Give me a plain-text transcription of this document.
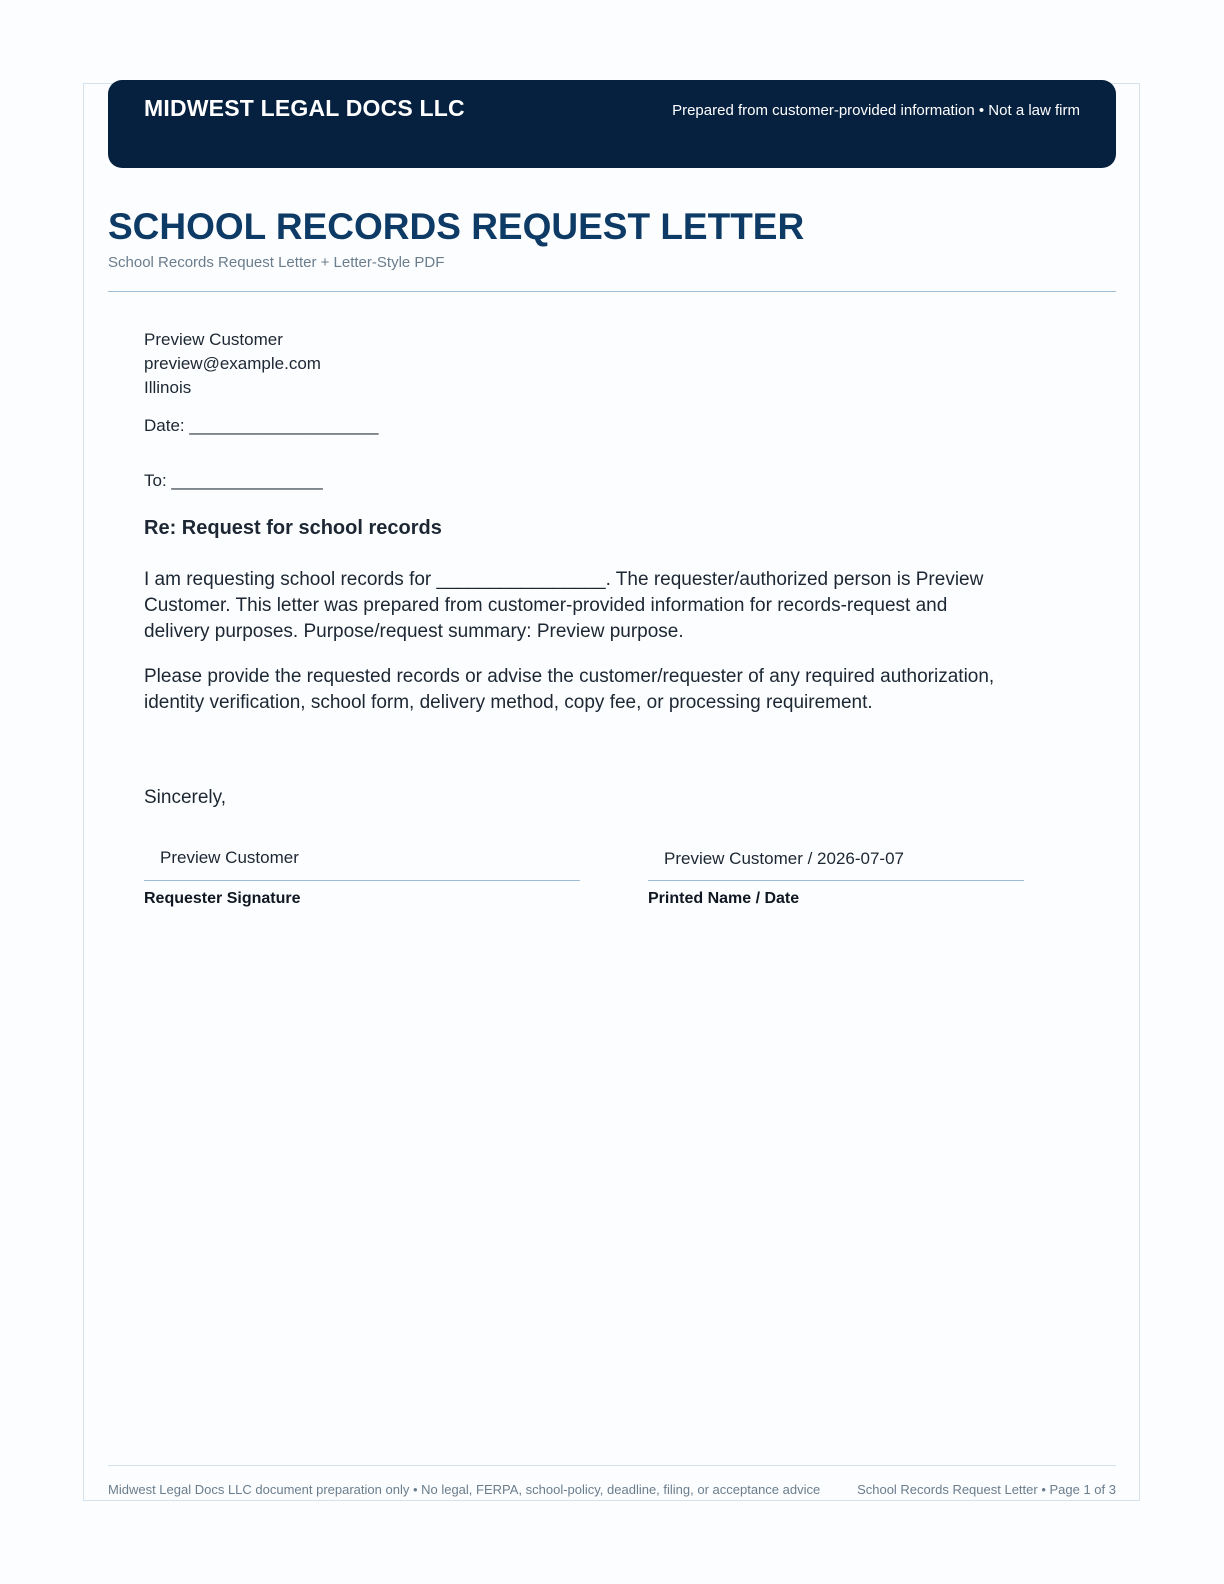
MIDWEST LEGAL DOCS LLC	Prepared from customer-provided information • Not a law firm
SCHOOL RECORDS REQUEST LETTER
School Records Request Letter + Letter-Style PDF
Preview Customer
preview@example.com
Illinois
Date: ____________________
To: ________________
Re: Request for school records
I am requesting school records for ________________. The requester/authorized person is Preview Customer. This letter was prepared from customer-provided information for records-request and delivery purposes. Purpose/request summary: Preview purpose.
Please provide the requested records or advise the customer/requester of any required authorization, identity verification, school form, delivery method, copy fee, or processing requirement.
Sincerely,
Preview Customer
Requester Signature
Preview Customer / 2026-07-07
Printed Name / Date
Midwest Legal Docs LLC document preparation only • No legal, FERPA, school-policy, deadline, filing, or acceptance advice	School Records Request Letter • Page 1 of 3
